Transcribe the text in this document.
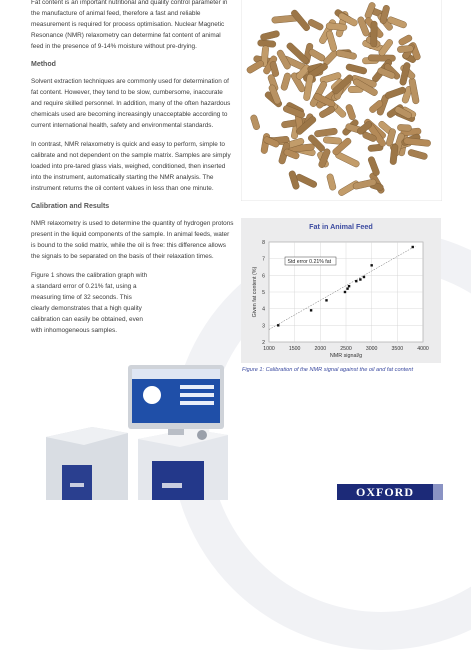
Fat content is an important nutritional and quality control parameter in the manufacture of animal feed, therefore a fast and reliable measurement is required for process optimisation. Nuclear Magnetic Resonance (NMR) relaxometry can determine fat content of animal feed in the presence of 9-14% moisture without pre-drying.

Method

Solvent extraction techniques are commonly used for determination of fat content. However, they tend to be slow, cumbersome, inaccurate and require skilled personnel. In addition, many of the often hazardous chemicals used are becoming increasingly unacceptable according to current international health, safety and environmental standards.

In contrast, NMR relaxometry is quick and easy to perform, simple to calibrate and not dependent on the sample matrix. Samples are simply loaded into pre-tared glass vials, weighed, conditioned, then inserted into the instrument, automatically starting the NMR analysis. The instrument returns the oil content values in less than one minute.

Calibration and Results

NMR relaxometry is used to determine the quantity of hydrogen protons present in the liquid components of the sample. In animal feeds, water is bound to the solid matrix, while the oil is free: this difference allows the signals to be separated on the basis of their relaxation times.

Figure 1 shows the calibration graph with a standard error of 0.21% fat, using a measuring time of 32 seconds. This clearly demonstrates that a high quality calibration can easily be obtained, even with inhomogeneous samples.

Fat in Animal Feed
1000	1500	2000	2500	3000	3500	4000
2
3
4
5
6
7
8
NMR signal/g
Given fat content (%)
Std error 0.21% fat
Figure 1: Calibration of the NMR signal against the oil and fat content
OXFORD
